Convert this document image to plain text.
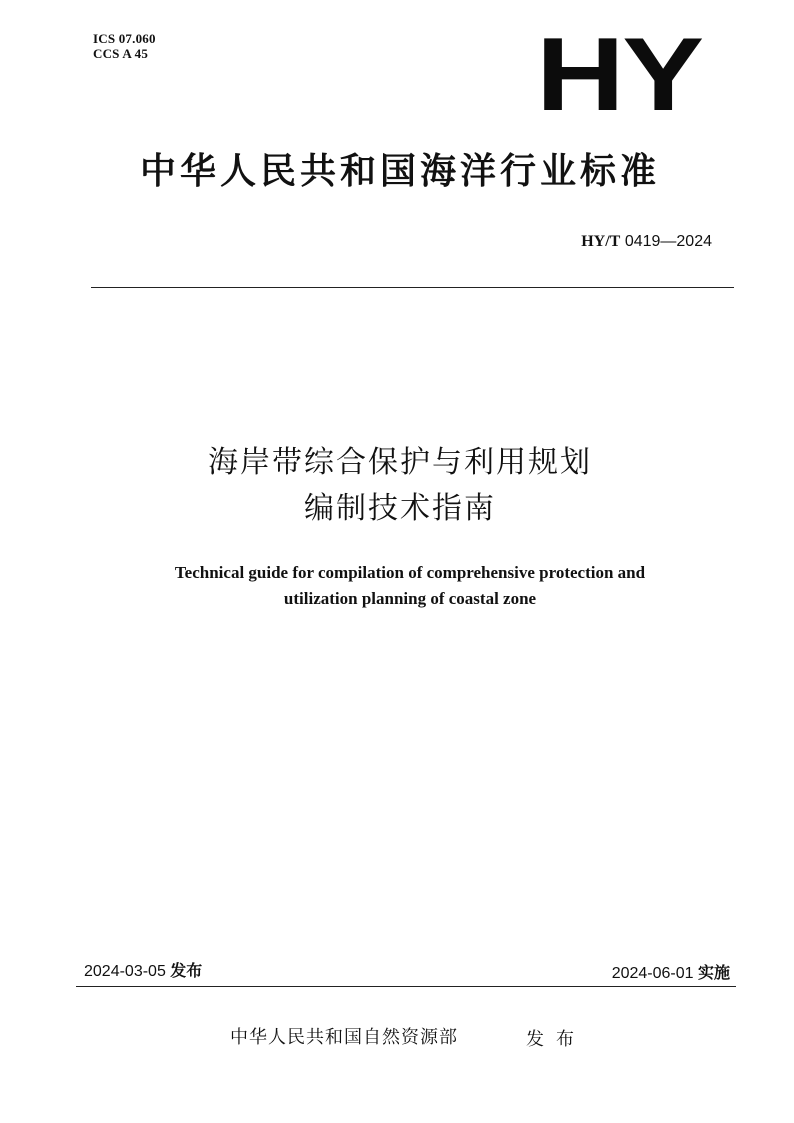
ICS 07.060
CCS A 45	HY
中华人民共和国海洋行业标准
HY/T 0419—2024
海岸带综合保护与利用规划
编制技术指南
Technical guide for compilation of comprehensive protection and
utilization planning of coastal zone
2024-03-05 发布	2024-06-01 实施
中华人民共和国自然资源部	发布
